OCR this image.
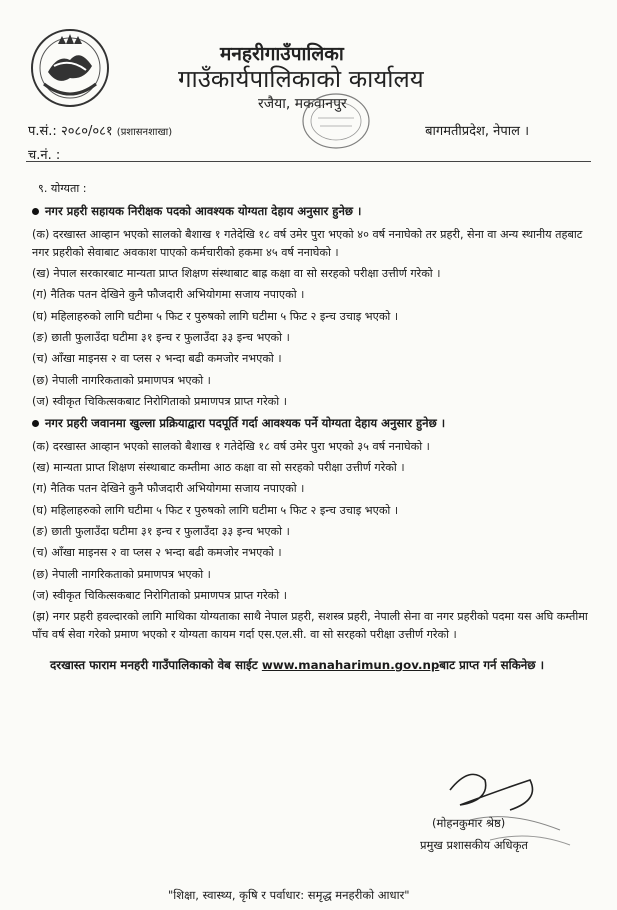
मनहरीगाउँपालिका
गाउँकार्यपालिकाको कार्यालय
रजैया, मकवानपुर
प.सं.: २०८०/०८१ (प्रशासनशाखा)	बागमतीप्रदेश, नेपाल ।
च.नं. :
९. योग्यता :
नगर प्रहरी सहायक निरीक्षक पदको आवश्यक योग्यता देहाय अनुसार हुनेछ ।
(क) दरखास्त आव्हान भएको सालको बैशाख १ गतेदेखि १८ वर्ष उमेर पुरा भएको ४० वर्ष ननाघेको तर प्रहरी, सेना वा अन्य स्थानीय तहबाट नगर प्रहरीको सेवाबाट अवकाश पाएको कर्मचारीको हकमा ४५ वर्ष ननाघेको ।
(ख) नेपाल सरकारबाट मान्यता प्राप्त शिक्षण संस्थाबाट बाह्र कक्षा वा सो सरहको परीक्षा उत्तीर्ण गरेको ।
(ग) नैतिक पतन देखिने कुनै फौजदारी अभियोगमा सजाय नपाएको ।
(घ) महिलाहरुको लागि घटीमा ५ फिट र पुरुषको लागि घटीमा ५ फिट २ इन्च उचाइ भएको ।
(ङ) छाती फुलाउँदा घटीमा ३१ इन्च र फुलाउँदा ३३ इन्च भएको ।
(च) आँखा माइनस २ वा प्लस २ भन्दा बढी कमजोर नभएको ।
(छ) नेपाली नागरिकताको प्रमाणपत्र भएको ।
(ज) स्वीकृत चिकित्सकबाट निरोगिताको प्रमाणपत्र प्राप्त गरेको ।
नगर प्रहरी जवानमा खुल्ला प्रक्रियाद्वारा पदपूर्ति गर्दा आवश्यक पर्ने योग्यता देहाय अनुसार हुनेछ ।
(क) दरखास्त आव्हान भएको सालको बैशाख १ गतेदेखि १८ वर्ष उमेर पुरा भएको ३५ वर्ष ननाघेको ।
(ख) मान्यता प्राप्त शिक्षण संस्थाबाट कम्तीमा आठ कक्षा वा सो सरहको परीक्षा उत्तीर्ण गरेको ।
(ग) नैतिक पतन देखिने कुनै फौजदारी अभियोगमा सजाय नपाएको ।
(घ) महिलाहरुको लागि घटीमा ५ फिट र पुरुषको लागि घटीमा ५ फिट २ इन्च उचाइ भएको ।
(ङ) छाती फुलाउँदा घटीमा ३१ इन्च र फुलाउँदा ३३ इन्च भएको ।
(च) आँखा माइनस २ वा प्लस २ भन्दा बढी कमजोर नभएको ।
(छ) नेपाली नागरिकताको प्रमाणपत्र भएको ।
(ज) स्वीकृत चिकित्सकबाट निरोगिताको प्रमाणपत्र प्राप्त गरेको ।
(झ) नगर प्रहरी हवल्दारको लागि माथिका योग्यताका साथै नेपाल प्रहरी, सशस्त्र प्रहरी, नेपाली सेना वा नगर प्रहरीको पदमा यस अघि कम्तीमा पाँच वर्ष सेवा गरेको प्रमाण भएको र योग्यता कायम गर्दा एस.एल.सी. वा सो सरहको परीक्षा उत्तीर्ण गरेको ।
दरखास्त फाराम मनहरी गाउँपालिकाको वेब साईट www.manaharimun.gov.npबाट प्राप्त गर्न सकिनेछ ।
(मोहनकुमार श्रेष्ठ)
प्रमुख प्रशासकीय अधिकृत
"शिक्षा, स्वास्थ्य, कृषि र पर्वाधार: समृद्ध मनहरीको आधार"
